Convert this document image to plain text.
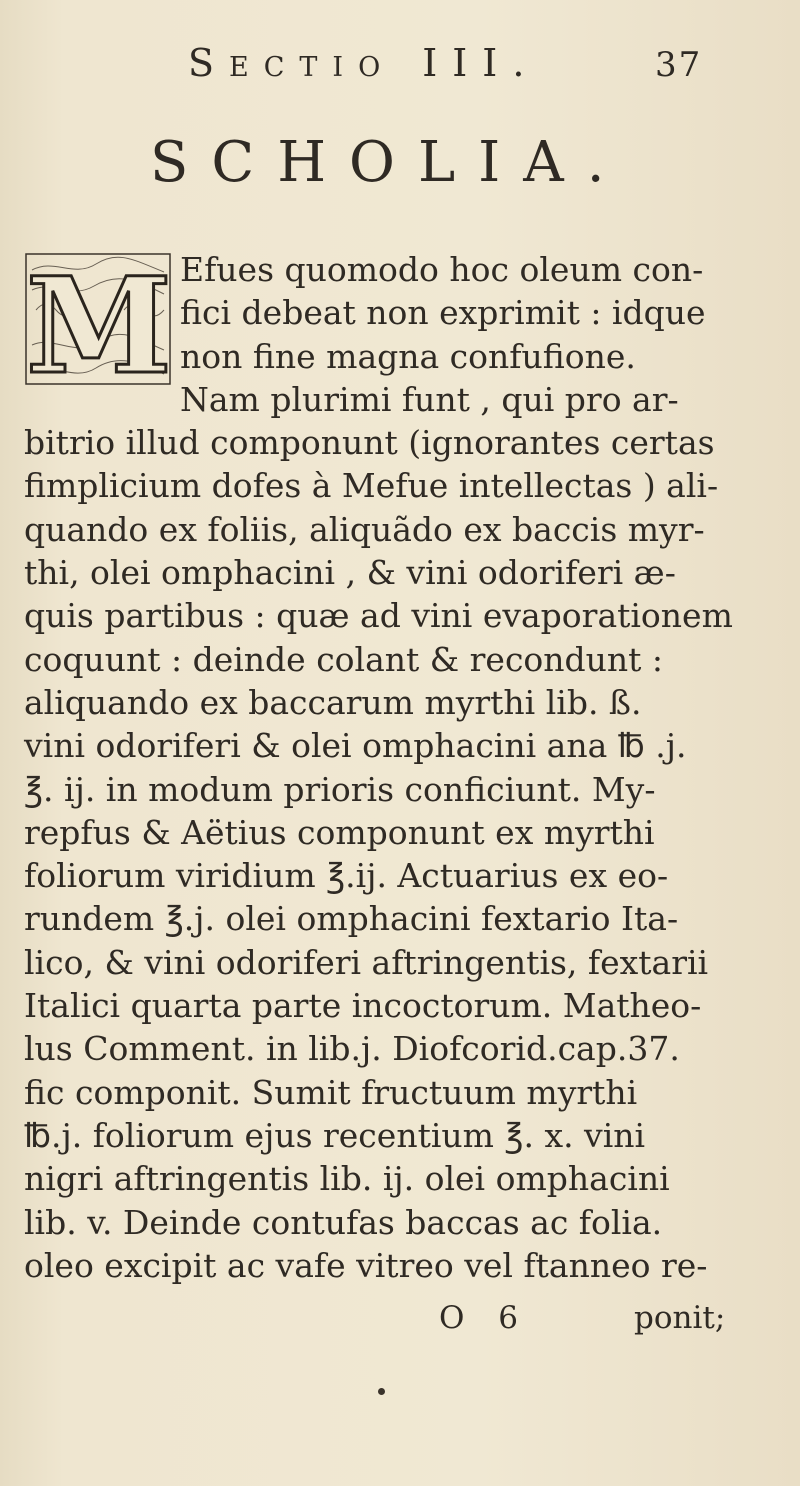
Sectio III.	37
SCHOLIA.
M Efues quomodo hoc oleum con-
fici debeat non exprimit : idque
non fine magna confufione.
Nam plurimi funt , qui pro ar-
bitrio illud componunt (ignorantes certas
fimplicium dofes à Mefue intellectas ) ali-
quando ex foliis, aliquãdo ex baccis myr-
thi, olei omphacini , & vini odoriferi æ-
quis partibus : quæ ad vini evaporationem
coquunt : deinde colant & recondunt :
aliquando ex baccarum myrthi lib. ß.
vini odoriferi & olei omphacini ana ℔ .j.
℥. ij. in modum prioris conficiunt. My-
repfus & Aëtius componunt ex myrthi
foliorum viridium ℥.ij. Actuarius ex eo-
rundem ℥.j. olei omphacini fextario Ita-
lico, & vini odoriferi aftringentis, fextarii
Italici quarta parte incoctorum. Matheo-
lus Comment. in lib.j. Diofcorid.cap.37.
fic componit. Sumit fructuum myrthi
℔.j. foliorum ejus recentium ℥. x. vini
nigri aftringentis lib. ij. olei omphacini
lib. v. Deinde contufas baccas ac folia.
oleo excipit ac vafe vitreo vel ftanneo re-
O 6	ponit;
